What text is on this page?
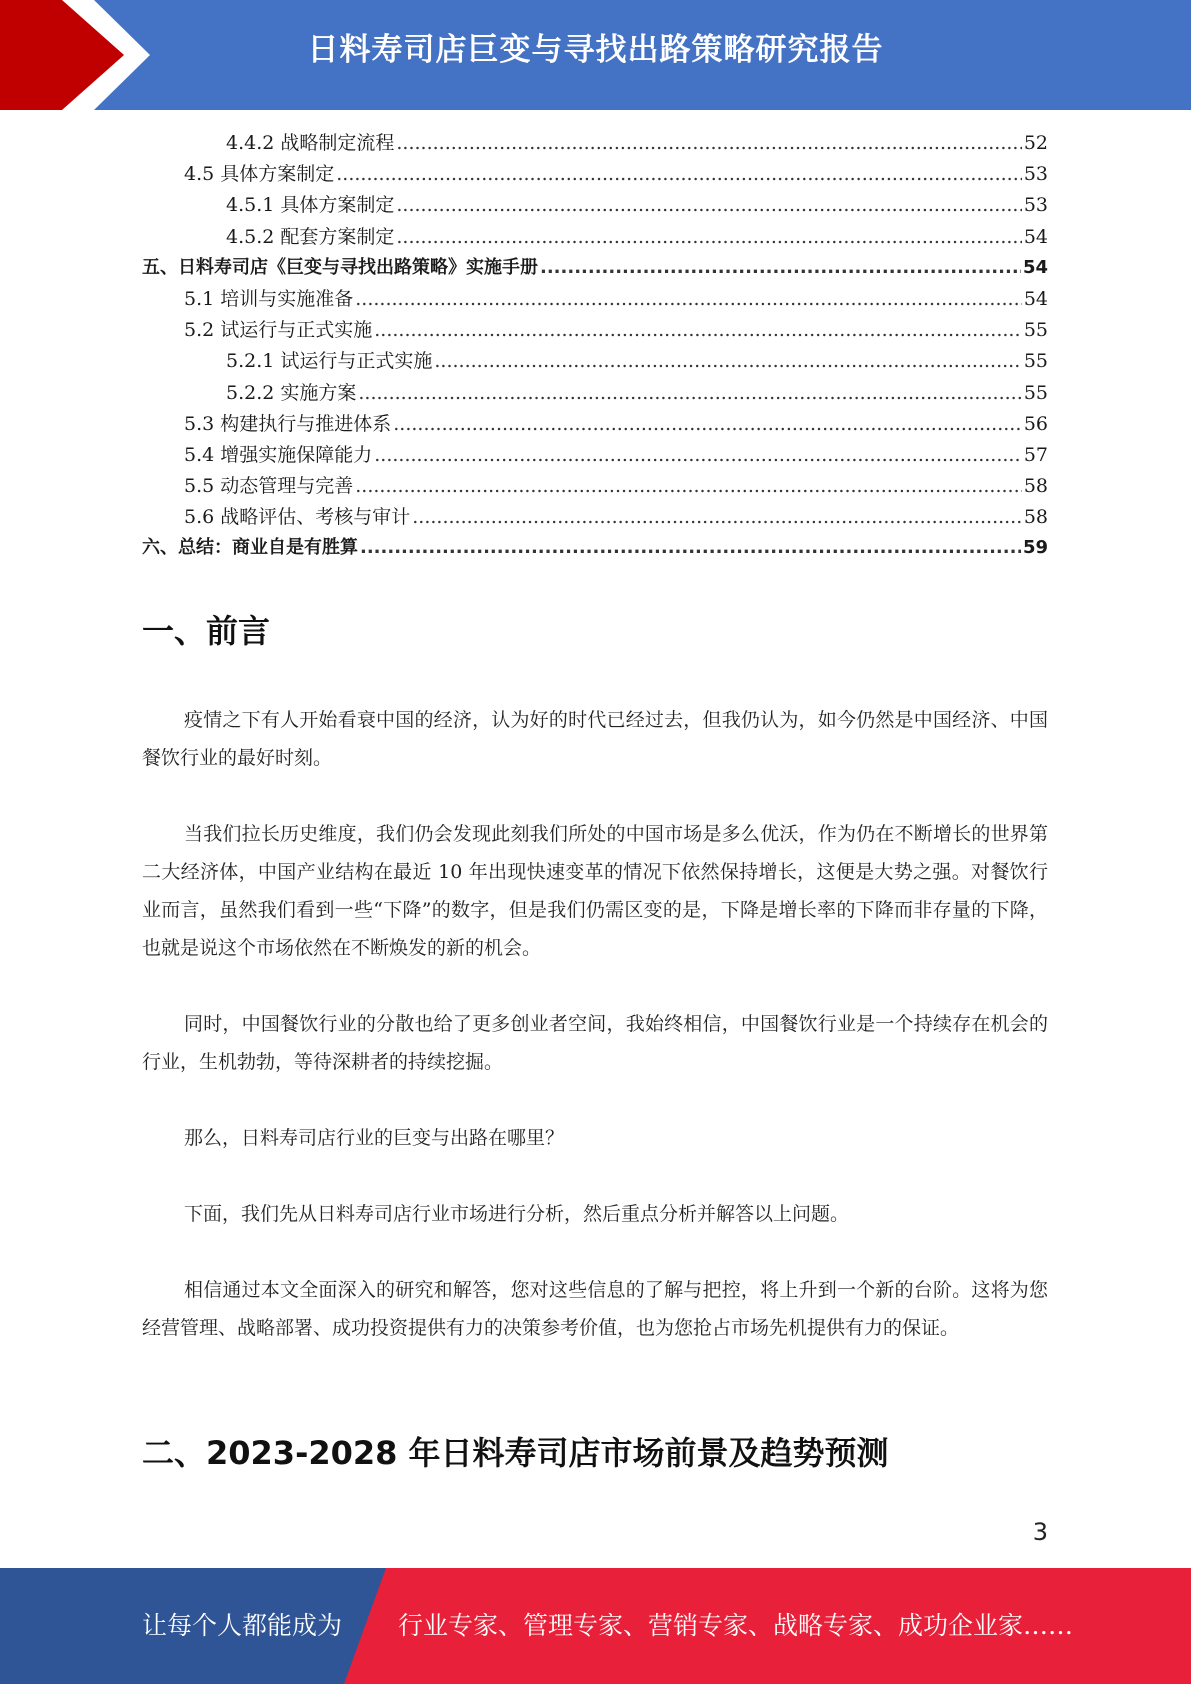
日料寿司店巨变与寻找出路策略研究报告
4.4.2 战略制定流程 .....	52
4.5 具体方案制定 .....	53
4.5.1 具体方案制定 .....	53
4.5.2 配套方案制定 .....	54
五、日料寿司店《巨变与寻找出路策略》实施手册 .....	54
5.1 培训与实施准备 .....	54
5.2 试运行与正式实施 .....	55
5.2.1 试运行与正式实施 .....	55
5.2.2 实施方案 .....	55
5.3 构建执行与推进体系 .....	56
5.4 增强实施保障能力 .....	57
5.5 动态管理与完善 .....	58
5.6 战略评估、考核与审计 .....	58
六、总结：商业自是有胜算 .....	59
一、前言
疫情之下有人开始看衰中国的经济，认为好的时代已经过去，但我仍认为，如今仍然是中国经济、中国餐饮行业的最好时刻。
当我们拉长历史维度，我们仍会发现此刻我们所处的中国市场是多么优沃，作为仍在不断增长的世界第二大经济体，中国产业结构在最近 10 年出现快速变革的情况下依然保持增长，这便是大势之强。对餐饮行业而言，虽然我们看到一些“下降”的数字，但是我们仍需区变的是，下降是增长率的下降而非存量的下降，也就是说这个市场依然在不断焕发的新的机会。
同时，中国餐饮行业的分散也给了更多创业者空间，我始终相信，中国餐饮行业是一个持续存在机会的行业，生机勃勃，等待深耕者的持续挖掘。
那么，日料寿司店行业的巨变与出路在哪里？
下面，我们先从日料寿司店行业市场进行分析，然后重点分析并解答以上问题。
相信通过本文全面深入的研究和解答，您对这些信息的了解与把控，将上升到一个新的台阶。这将为您经营管理、战略部署、成功投资提供有力的决策参考价值，也为您抢占市场先机提供有力的保证。
二、2023-2028 年日料寿司店市场前景及趋势预测
3
让每个人都能成为 行业专家、管理专家、营销专家、战略专家、成功企业家……
